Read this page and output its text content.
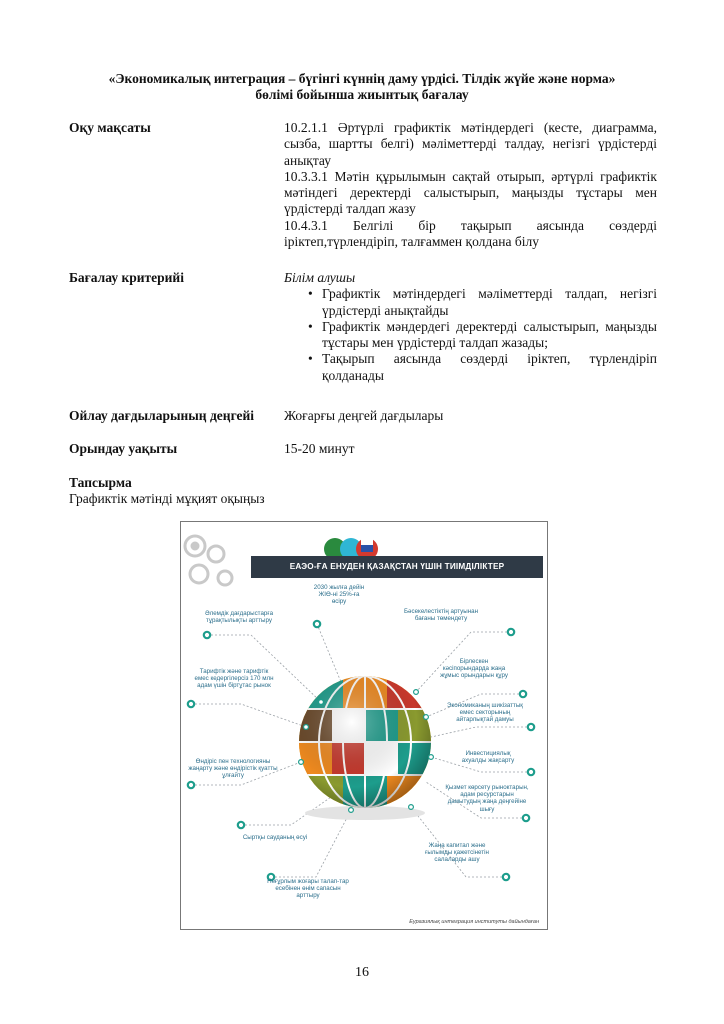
«Экономикалық интеграция – бүгінгі күннің даму үрдісі. Тілдік жүйе және норма»
бөлімі бойынша жиынтық бағалау
Оқу мақсаты	10.2.1.1 Әртүрлі графиктік мәтіндердегі (кесте, диаграмма, сызба, шартты белгі) мәліметтерді талдау, негізгі үрдістерді анықтау
10.3.3.1 Мәтін құрылымын сақтай отырып, әртүрлі графиктік мәтіндегі деректерді салыстырып, маңызды тұстары мен үрдістерді талдап жазу
10.4.3.1 Белгілі бір тақырып аясында сөздерді іріктеп,түрлендіріп, талғаммен қолдана білу
Бағалау критерийі	Білім алушы
• Графиктік мәтіндердегі мәліметтерді талдап, негізгі үрдістерді анықтайды
• Графиктік мәндердегі деректерді салыстырып, маңызды тұстары мен үрдістерді талдап жазады;
• Тақырып аясында сөздерді іріктеп, түрлендіріп қолданады
Ойлау дағдыларының деңгейі	Жоғарғы деңгей дағдылары
Орындау уақыты	15-20 минут
Тапсырма
Графиктік мәтінді мұқият оқыңыз
ЕАЭО-ҒА ЕНУДЕН ҚАЗАҚСТАН ҮШІН ТИІМДІЛІКТЕР
2030 жылға дейін ЖІӨ-ні 25%-ға өсіру
Әлемдік дағдарыстарға тұрақтылықты арттыру
Бәсекелестіктің артуынан бағаны төмендету
Тарифтік және тарифтік емес кедергілерсіз 170 млн адам үшін біртұтас рынок
Бірлескен кәсіпорындарда жаңа жұмыс орындарын құру
Экономиканың шикізаттық емес секторының айтарлықтай дамуы
Өндіріс пен технологияны жаңарту және өндірістік қуатты ұлғайту
Инвестициялық ахуалды жақсарту
Қызмет көрсету рыноктарын, адам ресурстарын дамытудың жаңа деңгейіне шығу
Сыртқы сауданың өсуі
Жаңа капитал және ғылымды қажетсінетін салаларды ашу
Неғұрлым жоғары талап-тар есебінен өнім сапасын арттыру
Еуразиялық интеграция институты дайындаған
16
